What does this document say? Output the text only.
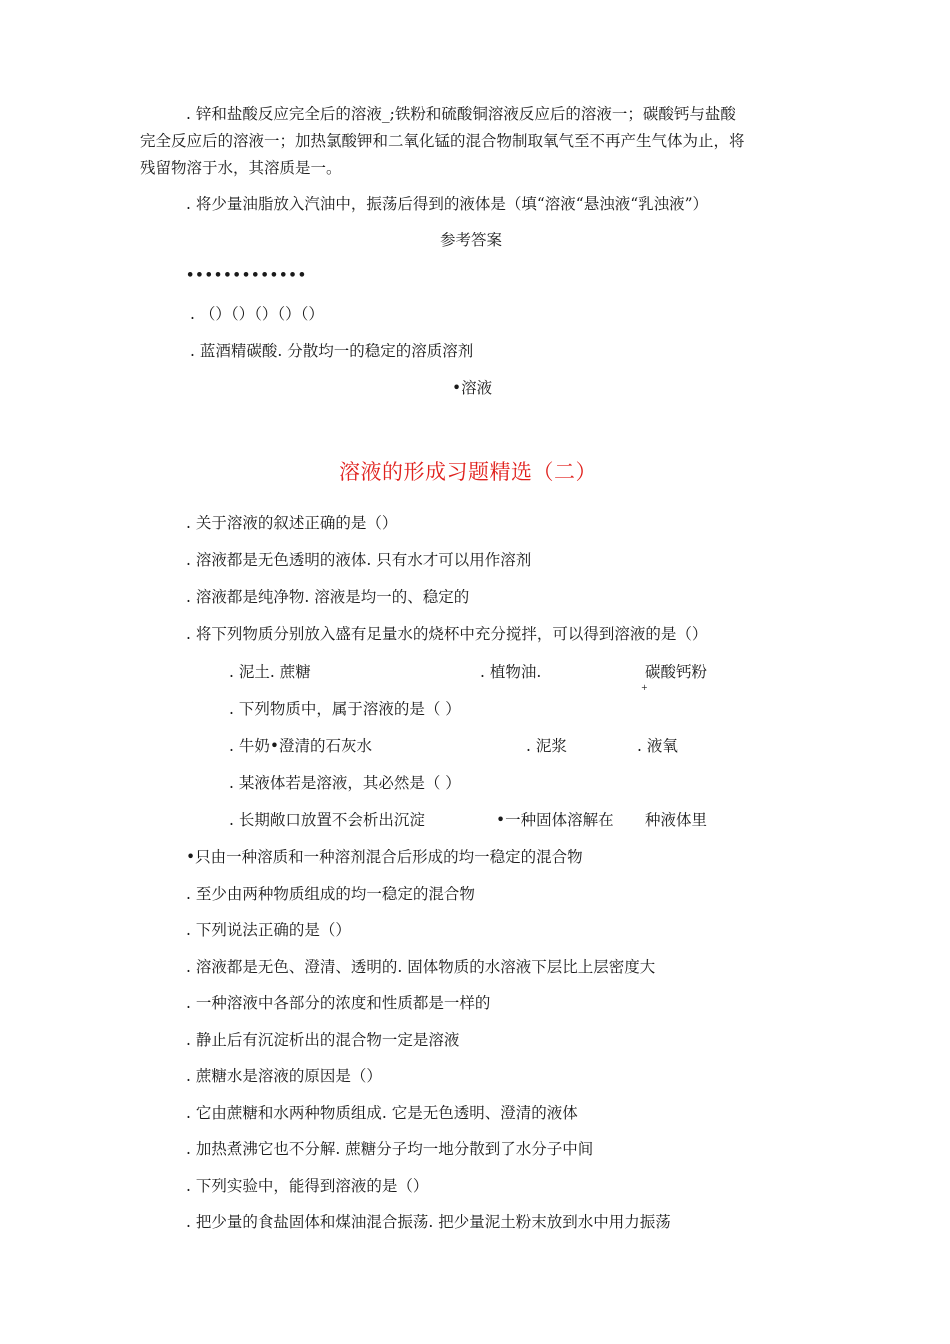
. 锌和盐酸反应完全后的溶液_;铁粉和硫酸铜溶液反应后的溶液一；碳酸钙与盐酸
完全反应后的溶液一；加热氯酸钾和二氧化锰的混合物制取氧气至不再产生气体为止，将
残留物溶于水，其溶质是一。
. 将少量油脂放入汽油中，振荡后得到的液体是（填“溶液“悬浊液“乳浊液”）
参考答案
•••••••••••••
. （）（）（）（）（）
. 蓝酒精碳酸. 分散均一的稳定的溶质溶剂
•溶液
溶液的形成习题精选（二）
. 关于溶液的叙述正确的是（）
. 溶液都是无色透明的液体. 只有水才可以用作溶剂
. 溶液都是纯净物. 溶液是均一的、稳定的
. 将下列物质分别放入盛有足量水的烧杯中充分搅拌，可以得到溶液的是（）
. 泥土. 蔗糖	. 植物油.	碳酸钙粉
+
. 下列物质中，属于溶液的是（ ）
. 牛奶•澄清的石灰水	. 泥浆	. 液氧
. 某液体若是溶液，其必然是（ ）
. 长期敞口放置不会析出沉淀	•一种固体溶解在 种液体里
•只由一种溶质和一种溶剂混合后形成的均一稳定的混合物
. 至少由两种物质组成的均一稳定的混合物
. 下列说法正确的是（）
. 溶液都是无色、澄清、透明的. 固体物质的水溶液下层比上层密度大
. 一种溶液中各部分的浓度和性质都是一样的
. 静止后有沉淀析出的混合物一定是溶液
. 蔗糖水是溶液的原因是（）
. 它由蔗糖和水两种物质组成. 它是无色透明、澄清的液体
. 加热煮沸它也不分解. 蔗糖分子均一地分散到了水分子中间
. 下列实验中，能得到溶液的是（）
. 把少量的食盐固体和煤油混合振荡. 把少量泥土粉末放到水中用力振荡
